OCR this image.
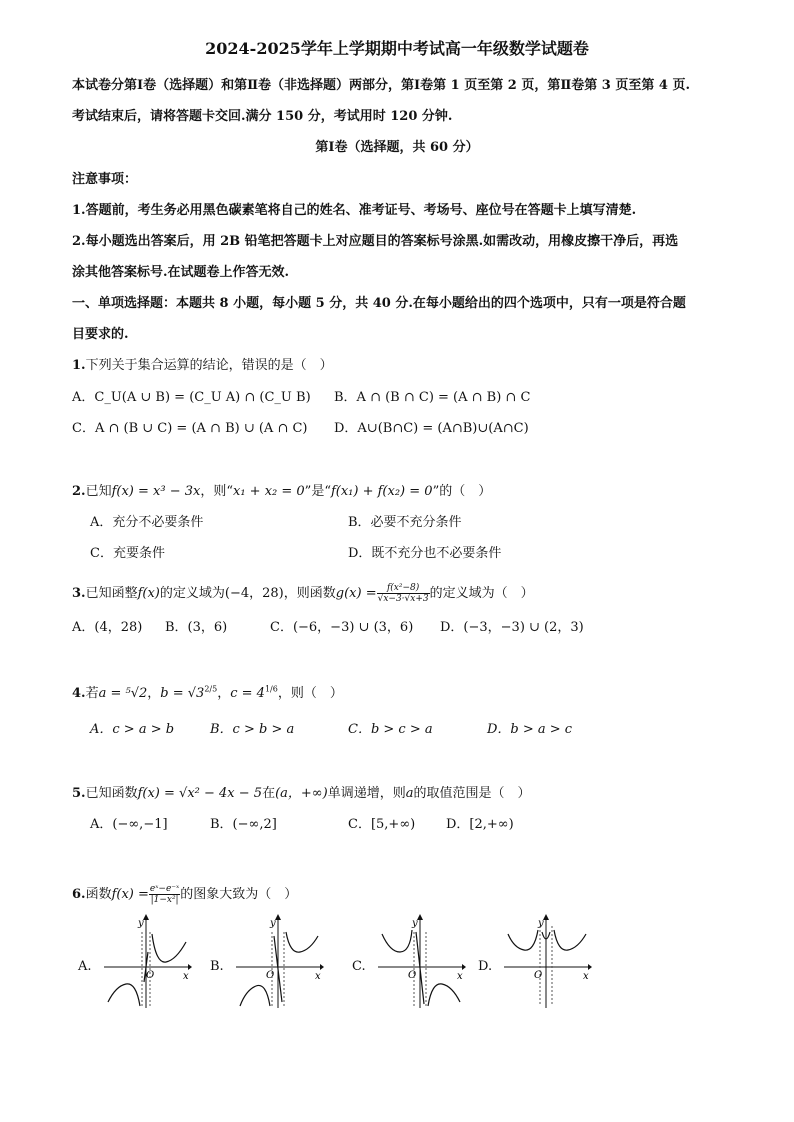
2024-2025学年上学期期中考试高一年级数学试题卷
本试卷分第Ⅰ卷（选择题）和第Ⅱ卷（非选择题）两部分，第Ⅰ卷第 1 页至第 2 页，第Ⅱ卷第 3 页至第 4 页.
考试结束后，请将答题卡交回.满分 150 分，考试用时 120 分钟.
第Ⅰ卷（选择题，共 60 分）
注意事项：
1.答题前，考生务必用黑色碳素笔将自己的姓名、准考证号、考场号、座位号在答题卡上填写清楚.
2.每小题选出答案后，用 2B 铅笔把答题卡上对应题目的答案标号涂黑.如需改动，用橡皮擦干净后，再选
涂其他答案标号.在试题卷上作答无效.
一、单项选择题：本题共 8 小题，每小题 5 分，共 40 分.在每小题给出的四个选项中，只有一项是符合题
目要求的.
1.下列关于集合运算的结论，错误的是（　）
A．C_U(A ∪ B) = (C_U A) ∩ (C_U B) B．A ∩ (B ∩ C) = (A ∩ B) ∩ C
C．A ∩ (B ∪ C) = (A ∩ B) ∪ (A ∩ C) D．A∪(B∩C) = (A∩B)∪(A∩C)
2.已知f(x) = x³ − 3x，则“x₁ + x₂ = 0”是“f(x₁) + f(x₂) = 0”的（　）
A．充分不必要条件	B．必要不充分条件
C．充要条件	D．既不充分也不必要条件
3.已知函整f(x)的定义域为(−4，28)，则函数$g(x) = \frac{\text{f(x²−8)}}{√x-3\cdot√x+3}$ 的定义域为（　）
A．(4，28) B．(3，6)	C．(−6，−3) ∪ (3，6) D．(−3，−3) ∪ (2，3)
4.若a = ⁵√2，$b = √3^{2/5}$，$c = 4^{1/6}$，则（　）
A．c > a > b	B．c > b > a	C．b > c > a	D．b > a > c
5.已知函数f(x) = √x² − 4x − 5在(a，+∞)单调递增，则a的取值范围是（　）
A．(−∞,−1]	B．(−∞,2]	C．[5,+∞) D．[2,+∞)
6.函数$f(x) = \frac{\text{eˣ−e⁻ˣ}}{\text{|1−x²|}}$ 的图象大致为（　）
A.	B.	C.	D.
x
y
O	x
y
O	x
y
O	x
y
O
